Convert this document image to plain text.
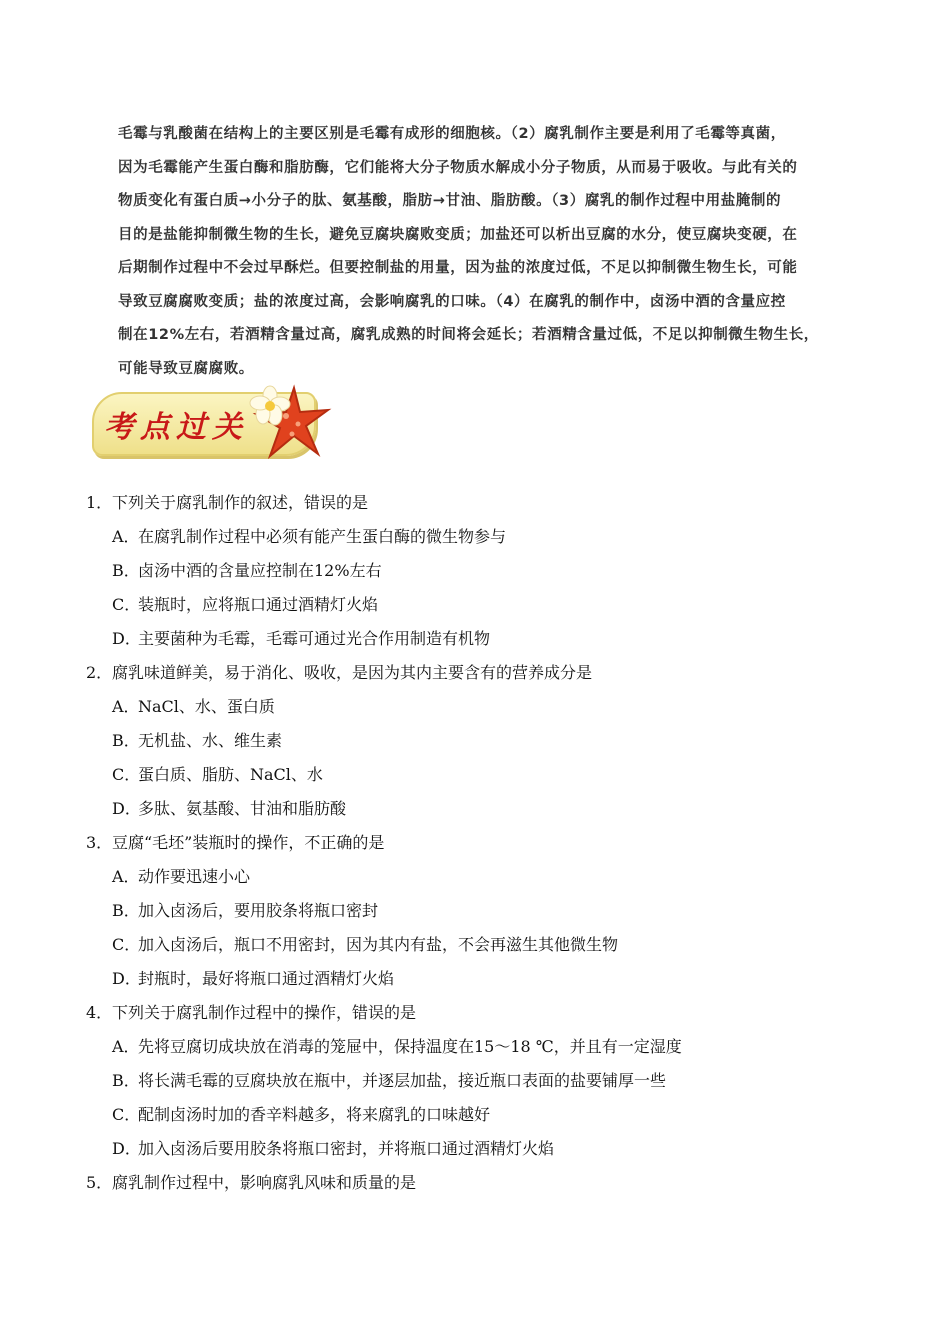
毛霉与乳酸菌在结构上的主要区别是毛霉有成形的细胞核。（2）腐乳制作主要是利用了毛霉等真菌，

因为毛霉能产生蛋白酶和脂肪酶，它们能将大分子物质水解成小分子物质，从而易于吸收。与此有关的

物质变化有蛋白质→小分子的肽、氨基酸，脂肪→甘油、脂肪酸。（3）腐乳的制作过程中用盐腌制的

目的是盐能抑制微生物的生长，避免豆腐块腐败变质；加盐还可以析出豆腐的水分，使豆腐块变硬，在

后期制作过程中不会过早酥烂。但要控制盐的用量，因为盐的浓度过低，不足以抑制微生物生长，可能

导致豆腐腐败变质；盐的浓度过高，会影响腐乳的口味。（4）在腐乳的制作中，卤汤中酒的含量应控

制在12%左右，若酒精含量过高，腐乳成熟的时间将会延长；若酒精含量过低，不足以抑制微生物生长，

可能导致豆腐腐败。

考点过关
1． 下列关于腐乳制作的叙述，错误的是
A．
在腐乳制作过程中必须有能产生蛋白酶的微生物参与
B．
卤汤中酒的含量应控制在12%左右
C．
装瓶时，应将瓶口通过酒精灯火焰
D．
主要菌种为毛霉，毛霉可通过光合作用制造有机物
2． 腐乳味道鲜美，易于消化、吸收，是因为其内主要含有的营养成分是
A．
NaCl、水、蛋白质
B．
无机盐、水、维生素
C．
蛋白质、脂肪、NaCl、水
D．
多肽、氨基酸、甘油和脂肪酸
3． 豆腐“毛坯”装瓶时的操作，不正确的是
A．
动作要迅速小心
B．
加入卤汤后，要用胶条将瓶口密封
C．
加入卤汤后，瓶口不用密封，因为其内有盐，不会再滋生其他微生物
D．
封瓶时，最好将瓶口通过酒精灯火焰
4． 下列关于腐乳制作过程中的操作，错误的是
A．
先将豆腐切成块放在消毒的笼屉中，保持温度在15～18 ℃，并且有一定湿度
B．
将长满毛霉的豆腐块放在瓶中，并逐层加盐，接近瓶口表面的盐要铺厚一些
C．
配制卤汤时加的香辛料越多，将来腐乳的口味越好
D．
加入卤汤后要用胶条将瓶口密封，并将瓶口通过酒精灯火焰
5． 腐乳制作过程中，影响腐乳风味和质量的是
